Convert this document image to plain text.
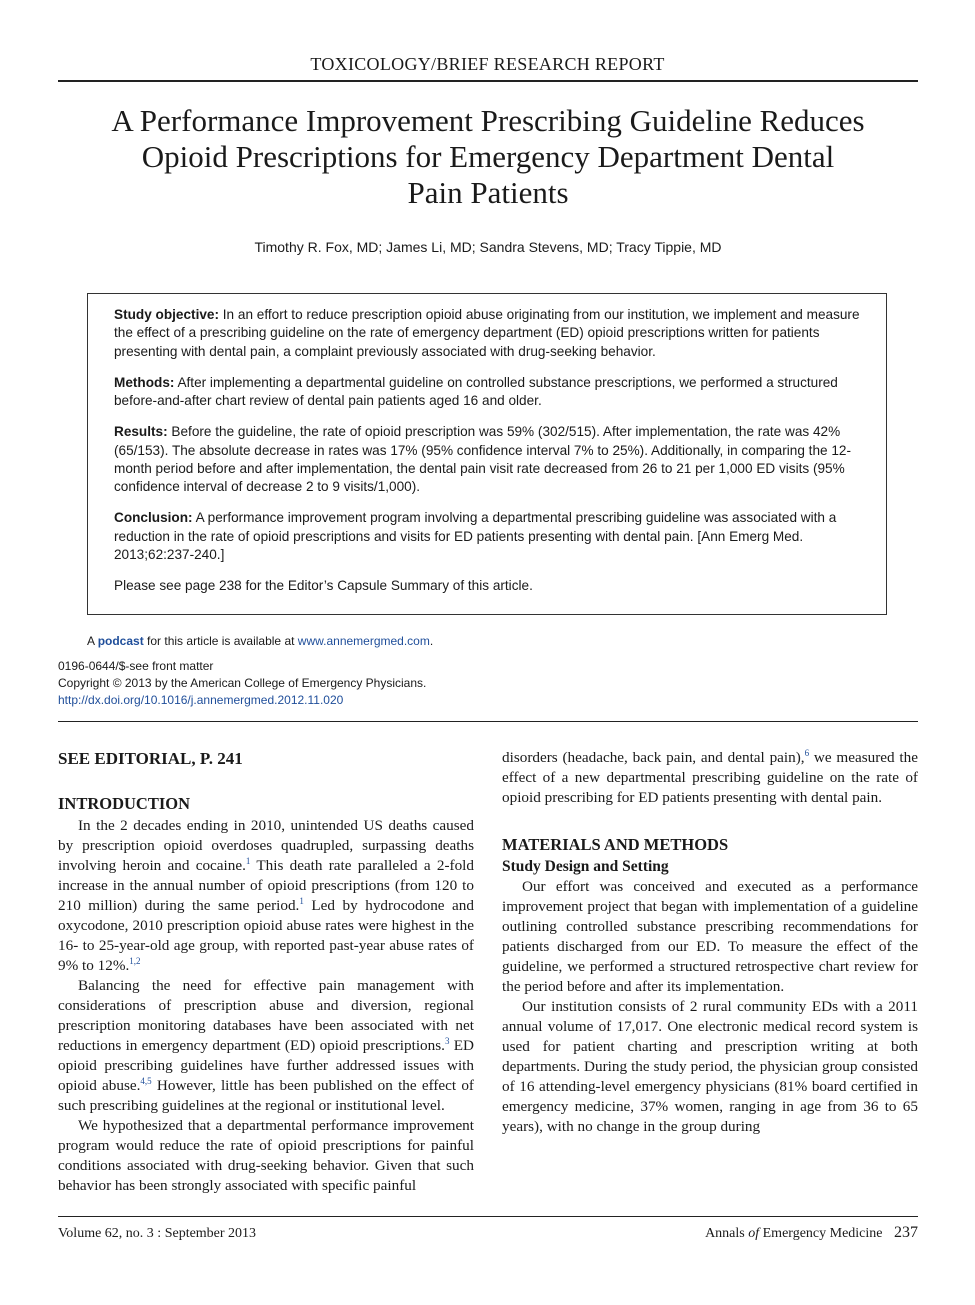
TOXICOLOGY/BRIEF RESEARCH REPORT
A Performance Improvement Prescribing Guideline Reduces
Opioid Prescriptions for Emergency Department Dental
Pain Patients
Timothy R. Fox, MD; James Li, MD; Sandra Stevens, MD; Tracy Tippie, MD

Study objective: In an effort to reduce prescription opioid abuse originating from our institution, we implement and measure the effect of a prescribing guideline on the rate of emergency department (ED) opioid prescriptions written for patients presenting with dental pain, a complaint previously associated with drug-seeking behavior.

Methods: After implementing a departmental guideline on controlled substance prescriptions, we performed a structured before-and-after chart review of dental pain patients aged 16 and older.

Results: Before the guideline, the rate of opioid prescription was 59% (302/515). After implementation, the rate was 42% (65/153). The absolute decrease in rates was 17% (95% confidence interval 7% to 25%). Additionally, in comparing the 12-month period before and after implementation, the dental pain visit rate decreased from 26 to 21 per 1,000 ED visits (95% confidence interval of decrease 2 to 9 visits/1,000).

Conclusion: A performance improvement program involving a departmental prescribing guideline was associated with a reduction in the rate of opioid prescriptions and visits for ED patients presenting with dental pain. [Ann Emerg Med. 2013;62:237-240.]

Please see page 238 for the Editor’s Capsule Summary of this article.

A podcast for this article is available at www.annemergmed.com.
0196-0644/$-see front matter
Copyright © 2013 by the American College of Emergency Physicians.
http://dx.doi.org/10.1016/j.annemergmed.2012.11.020
SEE EDITORIAL, P. 241
INTRODUCTION

In the 2 decades ending in 2010, unintended US deaths caused by prescription opioid overdoses quadrupled, surpassing deaths involving heroin and cocaine.$^1$ This death rate paralleled a 2-fold increase in the annual number of opioid prescriptions (from 120 to 210 million) during the same period.$^1$ Led by hydrocodone and oxycodone, 2010 prescription opioid abuse rates were highest in the 16- to 25-year-old age group, with reported past-year abuse rates of 9% to 12%.$^{1,2}$

Balancing the need for effective pain management with considerations of prescription abuse and diversion, regional prescription monitoring databases have been associated with net reductions in emergency department (ED) opioid prescriptions.$^3$ ED opioid prescribing guidelines have further addressed issues with opioid abuse.$^{4,5}$ However, little has been published on the effect of such prescribing guidelines at the regional or institutional level.

We hypothesized that a departmental performance improvement program would reduce the rate of opioid prescriptions for painful conditions associated with drug-seeking behavior. Given that such behavior has been strongly associated with specific painful

disorders (headache, back pain, and dental pain),$^6$ we measured the effect of a new departmental prescribing guideline on the rate of opioid prescribing for ED patients presenting with dental pain.

MATERIALS AND METHODS
Study Design and Setting

Our effort was conceived and executed as a performance improvement project that began with implementation of a guideline outlining controlled substance prescribing recommendations for patients discharged from our ED. To measure the effect of the guideline, we performed a structured retrospective chart review for the period before and after its implementation.

Our institution consists of 2 rural community EDs with a 2011 annual volume of 17,017. One electronic medical record system is used for patient charting and prescription writing at both departments. During the study period, the physician group consisted of 16 attending-level emergency physicians (81% board certified in emergency medicine, 37% women, ranging in age from 36 to 65 years), with no change in the group during

Volume 62, no. 3 : September 2013	Annals of Emergency Medicine 237
